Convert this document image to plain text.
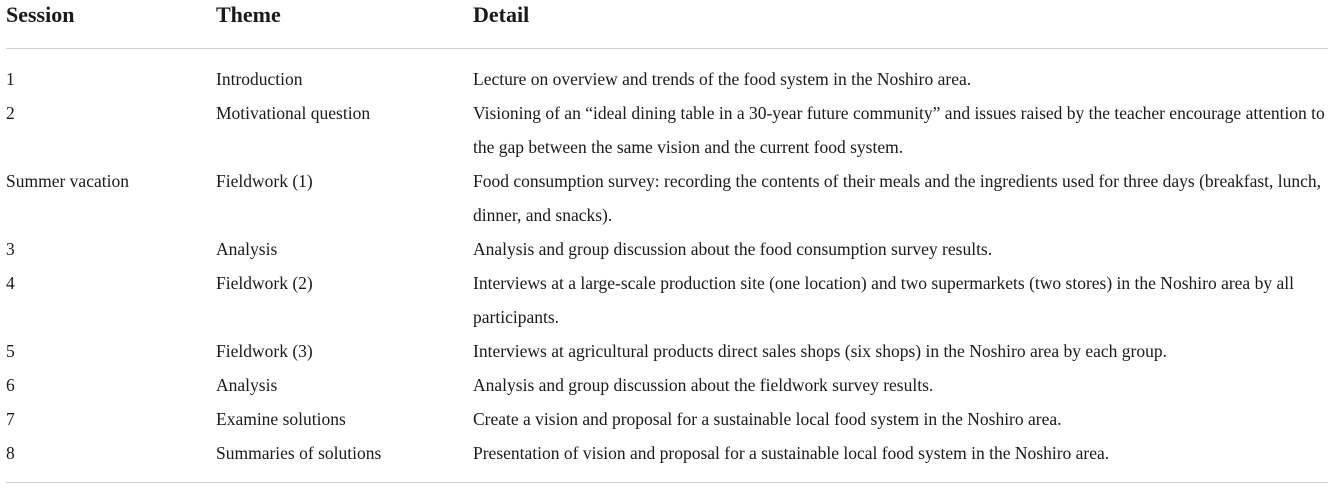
Session	Theme	Detail
1	Introduction	Lecture on overview and trends of the food system in the Noshiro area.
2	Motivational question	Visioning of an “ideal dining table in a 30-year future community” and issues raised by the teacher encourage attention to the gap between the same vision and the current food system.
Summer vacation	Fieldwork (1)	Food consumption survey: recording the contents of their meals and the ingredients used for three days (breakfast, lunch, dinner, and snacks).
3	Analysis	Analysis and group discussion about the food consumption survey results.
4	Fieldwork (2)	Interviews at a large-scale production site (one location) and two supermarkets (two stores) in the Noshiro area by all participants.
5	Fieldwork (3)	Interviews at agricultural products direct sales shops (six shops) in the Noshiro area by each group.
6	Analysis	Analysis and group discussion about the fieldwork survey results.
7	Examine solutions	Create a vision and proposal for a sustainable local food system in the Noshiro area.
8	Summaries of solutions	Presentation of vision and proposal for a sustainable local food system in the Noshiro area.
